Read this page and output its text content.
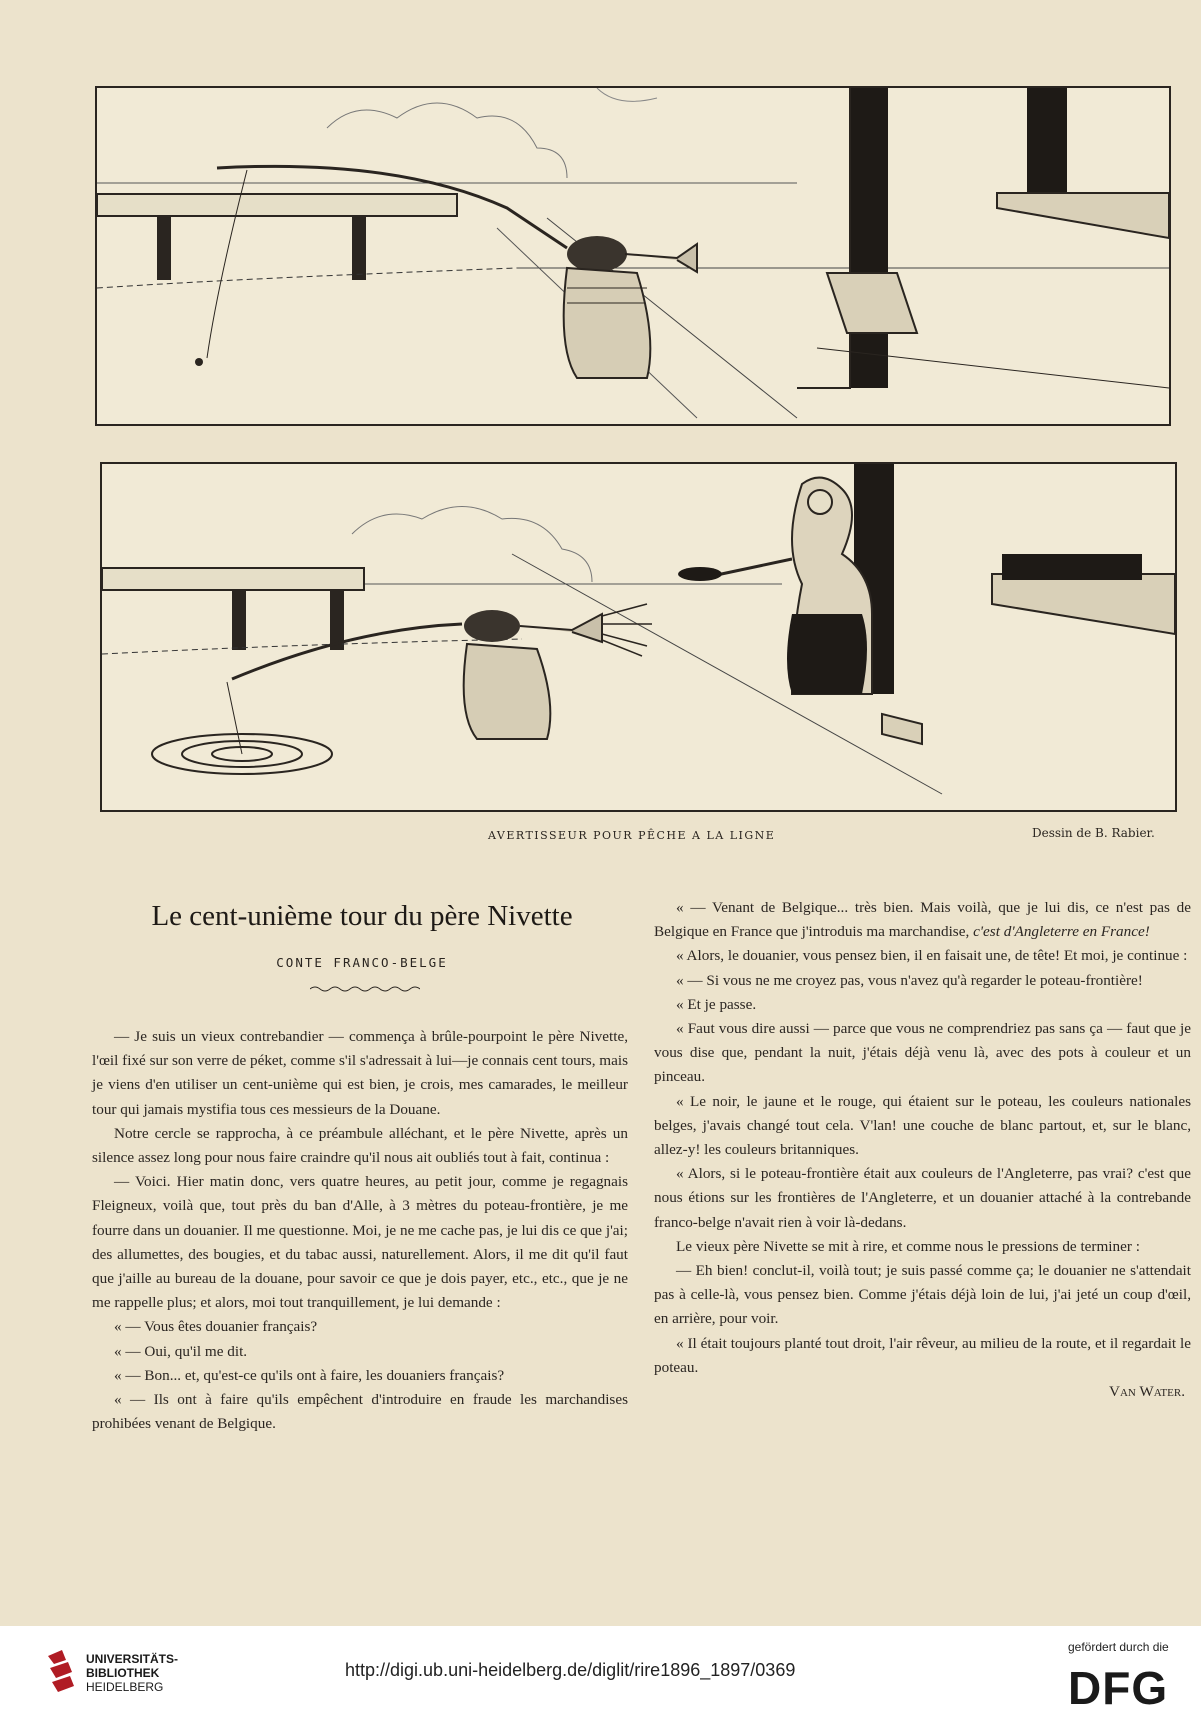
AVERTISSEUR POUR PÊCHE A LA LIGNE	Dessin de B. Rabier.
Le cent-unième tour du père Nivette
CONTE FRANCO-BELGE

— Je suis un vieux contrebandier — commença à brûle-pourpoint le père Nivette, l'œil fixé sur son verre de péket, comme s'il s'adressait à lui—je connais cent tours, mais je viens d'en utiliser un cent-unième qui est bien, je crois, mes camarades, le meilleur tour qui jamais mystifia tous ces messieurs de la Douane.

Notre cercle se rapprocha, à ce préambule alléchant, et le père Nivette, après un silence assez long pour nous faire craindre qu'il nous ait oubliés tout à fait, continua :

— Voici. Hier matin donc, vers quatre heures, au petit jour, comme je regagnais Fleigneux, voilà que, tout près du ban d'Alle, à 3 mètres du poteau-frontière, je me fourre dans un douanier. Il me questionne. Moi, je ne me cache pas, je lui dis ce que j'ai; des allumettes, des bougies, et du tabac aussi, naturellement. Alors, il me dit qu'il faut que j'aille au bureau de la douane, pour savoir ce que je dois payer, etc., etc., que je ne me rappelle plus; et alors, moi tout tranquillement, je lui demande :

« — Vous êtes douanier français?

« — Oui, qu'il me dit.

« — Bon... et, qu'est-ce qu'ils ont à faire, les douaniers français?

« — Ils ont à faire qu'ils empêchent d'introduire en fraude les marchandises prohibées venant de Belgique.

« — Venant de Belgique... très bien. Mais voilà, que je lui dis, ce n'est pas de Belgique en France que j'introduis ma marchandise, c'est d'Angleterre en France!

« Alors, le douanier, vous pensez bien, il en faisait une, de tête! Et moi, je continue :

« — Si vous ne me croyez pas, vous n'avez qu'à regarder le poteau-frontière!

« Et je passe.

« Faut vous dire aussi — parce que vous ne comprendriez pas sans ça — faut que je vous dise que, pendant la nuit, j'étais déjà venu là, avec des pots à couleur et un pinceau.

« Le noir, le jaune et le rouge, qui étaient sur le poteau, les couleurs nationales belges, j'avais changé tout cela. V'lan! une couche de blanc partout, et, sur le blanc, allez-y! les couleurs britanniques.

« Alors, si le poteau-frontière était aux couleurs de l'Angleterre, pas vrai? c'est que nous étions sur les frontières de l'Angleterre, et un douanier attaché à la contrebande franco-belge n'avait rien à voir là-dedans.

Le vieux père Nivette se mit à rire, et comme nous le pressions de terminer :

— Eh bien! conclut-il, voilà tout; je suis passé comme ça; le douanier ne s'attendait pas à celle-là, vous pensez bien. Comme j'étais déjà loin de lui, j'ai jeté un coup d'œil, en arrière, pour voir.

« Il était toujours planté tout droit, l'air rêveur, au milieu de la route, et il regardait le poteau.

Van Water.

UNIVERSITÄTS-
BIBLIOTHEK
HEIDELBERG
http://digi.ub.uni-heidelberg.de/diglit/rire1896_1897/0369
gefördert durch die
DFG
